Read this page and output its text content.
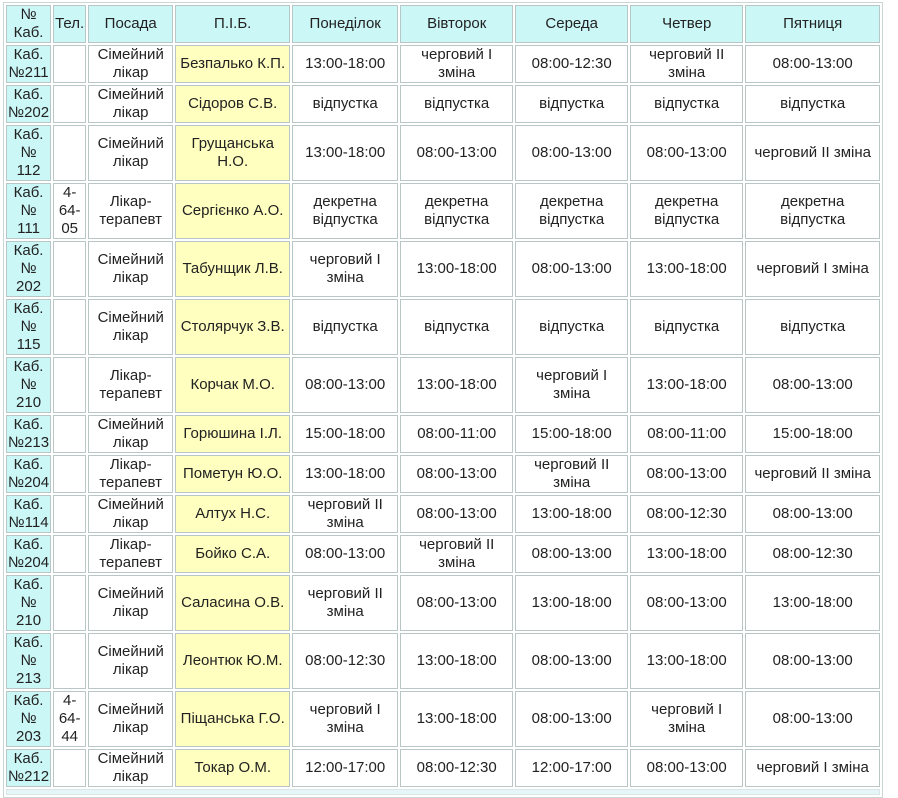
№ Каб.	Тел.	Посада	П.І.Б.	Понеділок	Вівторок	Середа	Четвер	Пятниця
Каб. №211		Сімейний лікар	Безпалько К.П.	13:00-18:00	черговий І зміна	08:00-12:30	черговий ІІ зміна	08:00-13:00
Каб. №202		Сімейний лікар	Сідоров С.В.	відпустка	відпустка	відпустка	відпустка	відпустка
Каб. № 112		Сімейний лікар	Грущанська Н.О.	13:00-18:00	08:00-13:00	08:00-13:00	08:00-13:00	черговий ІІ зміна
Каб. № 111	4-64-05	Лікар-терапевт	Сергієнко А.О.	декретна відпустка	декретна відпустка	декретна відпустка	декретна відпустка	декретна відпустка
Каб. № 202		Сімейний лікар	Табунщик Л.В.	черговий І зміна	13:00-18:00	08:00-13:00	13:00-18:00	черговий І зміна
Каб. № 115		Сімейний лікар	Столярчук З.В.	відпустка	відпустка	відпустка	відпустка	відпустка
Каб. № 210		Лікар-терапевт	Корчак М.О.	08:00-13:00	13:00-18:00	черговий І зміна	13:00-18:00	08:00-13:00
Каб. №213		Сімейний лікар	Горюшина І.Л.	15:00-18:00	08:00-11:00	15:00-18:00	08:00-11:00	15:00-18:00
Каб. №204		Лікар-терапевт	Пометун Ю.О.	13:00-18:00	08:00-13:00	черговий ІІ зміна	08:00-13:00	черговий ІІ зміна
Каб. №114		Сімейний лікар	Алтух Н.С.	черговий ІІ зміна	08:00-13:00	13:00-18:00	08:00-12:30	08:00-13:00
Каб. №204		Лікар-терапевт	Бойко С.А.	08:00-13:00	черговий ІІ зміна	08:00-13:00	13:00-18:00	08:00-12:30
Каб. № 210		Сімейний лікар	Саласина О.В.	черговий ІІ зміна	08:00-13:00	13:00-18:00	08:00-13:00	13:00-18:00
Каб. № 213		Сімейний лікар	Леонтюк Ю.М.	08:00-12:30	13:00-18:00	08:00-13:00	13:00-18:00	08:00-13:00
Каб. № 203	4-64-44	Сімейний лікар	Піщанська Г.О.	черговий І зміна	13:00-18:00	08:00-13:00	черговий І зміна	08:00-13:00
Каб. №212		Сімейний лікар	Токар О.М.	12:00-17:00	08:00-12:30	12:00-17:00	08:00-13:00	черговий І зміна
